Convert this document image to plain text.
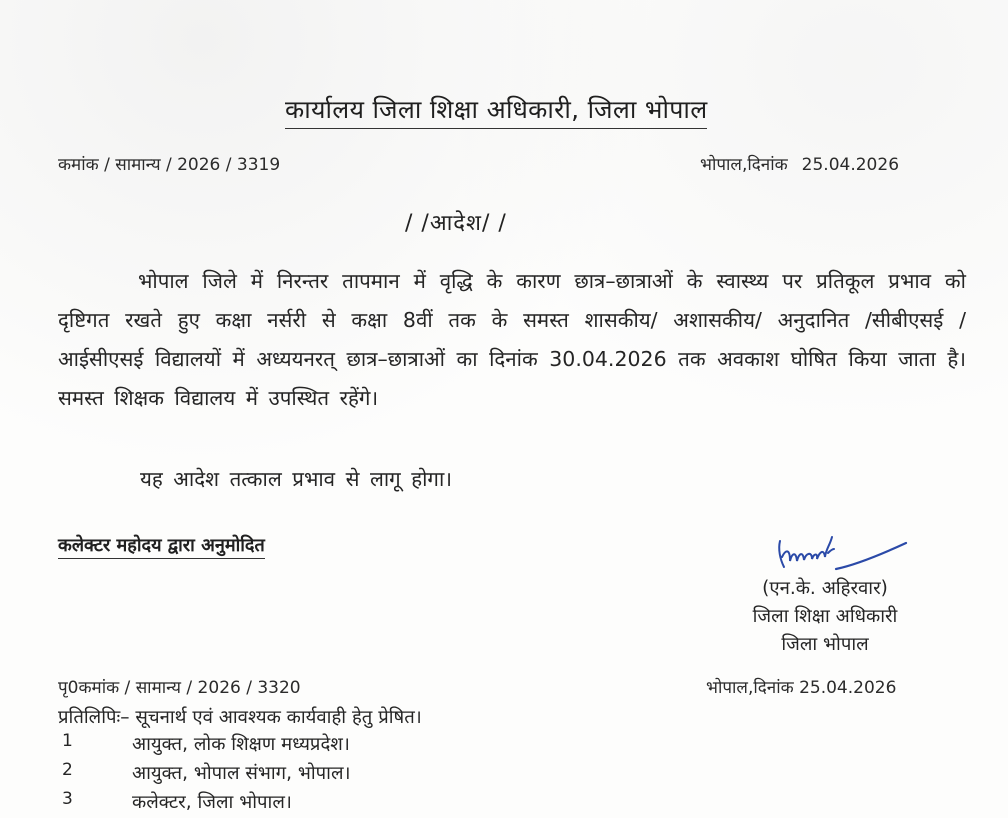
कार्यालय जिला शिक्षा अधिकारी, जिला भोपाल
कमांक / सामान्य / 2026 / 3319	भोपाल,दिनांक 25.04.2026
/ /आदेश/ /
भोपाल जिले में निरन्तर तापमान में वृद्धि के कारण छात्र–छात्राओं के स्वास्थ्य पर प्रतिकूल प्रभाव को दृष्टिगत रखते हुए कक्षा नर्सरी से कक्षा 8वीं तक के समस्त शासकीय/ अशासकीय/ अनुदानित /सीबीएसई /आईसीएसई विद्यालयों में अध्ययनरत् छात्र–छात्राओं का दिनांक 30.04.2026 तक अवकाश घोषित किया जाता है। समस्त शिक्षक विद्यालय में उपस्थित रहेंगे।
यह आदेश तत्काल प्रभाव से लागू होगा।
कलेक्टर महोदय द्वारा अनुमोदित
(एन.के. अहिरवार)
जिला शिक्षा अधिकारी
जिला भोपाल
पृ0कमांक / सामान्य / 2026 / 3320	भोपाल,दिनांक 25.04.2026
प्रतिलिपिः– सूचनार्थ एवं आवश्यक कार्यवाही हेतु प्रेषित।
1	आयुक्त, लोक शिक्षण मध्यप्रदेश।
2	आयुक्त, भोपाल संभाग, भोपाल।
3	कलेक्टर, जिला भोपाल।
